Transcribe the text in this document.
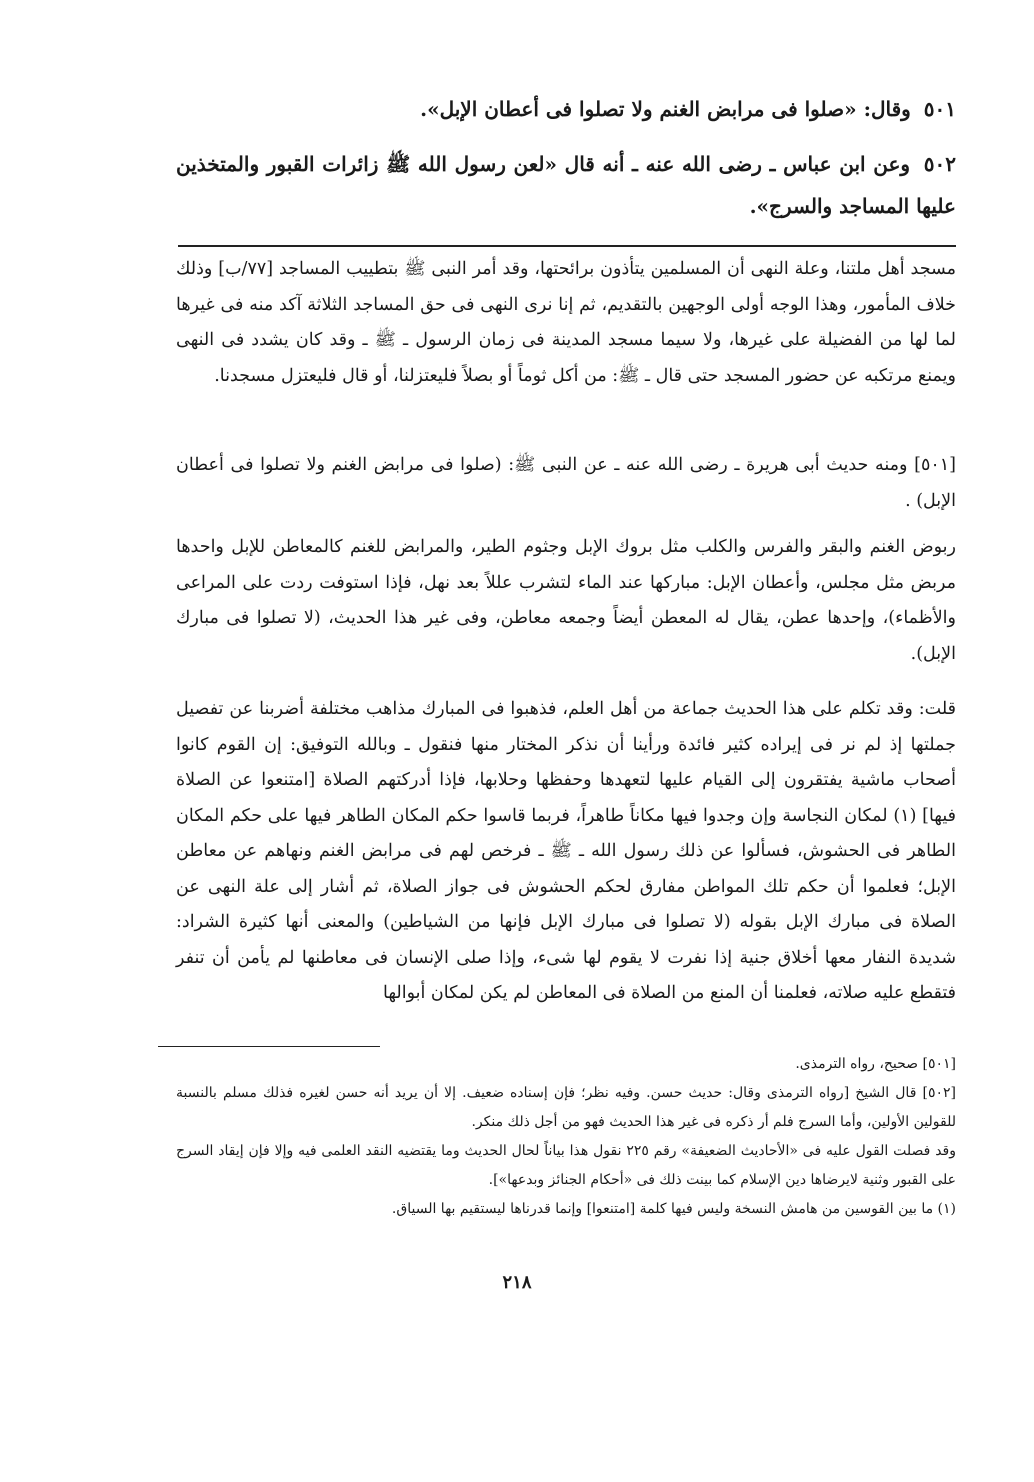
٥٠١ وقال: «صلوا فى مرابض الغنم ولا تصلوا فى أعطان الإبل».

٥٠٢ وعن ابن عباس ـ رضى الله عنه ـ أنه قال «لعن رسول الله ﷺ زائرات القبور والمتخذين عليها المساجد والسرج».

مسجد أهل ملتنا، وعلة النهى أن المسلمين يتأذون برائحتها، وقد أمر النبى ﷺ بتطييب المساجد [٧٧/ب] وذلك خلاف المأمور، وهذا الوجه أولى الوجهين بالتقديم، ثم إنا نرى النهى فى حق المساجد الثلاثة آكد منه فى غيرها لما لها من الفضيلة على غيرها، ولا سيما مسجد المدينة فى زمان الرسول ـ ﷺ ـ وقد كان يشدد فى النهى ويمنع مرتكبه عن حضور المسجد حتى قال ـ ﷺ: من أكل ثوماً أو بصلاً فليعتزلنا، أو قال فليعتزل مسجدنا.

[٥٠١] ومنه حديث أبى هريرة ـ رضى الله عنه ـ عن النبى ﷺ: (صلوا فى مرابض الغنم ولا تصلوا فى أعطان الإبل) .

ربوض الغنم والبقر والفرس والكلب مثل بروك الإبل وجثوم الطير، والمرابض للغنم كالمعاطن للإبل واحدها مربض مثل مجلس، وأعطان الإبل: مباركها عند الماء لتشرب عللاً بعد نهل، فإذا استوفت ردت على المراعى والأظماء)، وإحدها عطن، يقال له المعطن أيضاً وجمعه معاطن، وفى غير هذا الحديث، (لا تصلوا فى مبارك الإبل).

قلت: وقد تكلم على هذا الحديث جماعة من أهل العلم، فذهبوا فى المبارك مذاهب مختلفة أضربنا عن تفصيل جملتها إذ لم نر فى إيراده كثير فائدة ورأينا أن نذكر المختار منها فنقول ـ وبالله التوفيق: إن القوم كانوا أصحاب ماشية يفتقرون إلى القيام عليها لتعهدها وحفظها وحلابها، فإذا أدركتهم الصلاة [امتنعوا عن الصلاة فيها] (١) لمكان النجاسة وإن وجدوا فيها مكاناً طاهراً، فربما قاسوا حكم المكان الطاهر فيها على حكم المكان الطاهر فى الحشوش، فسألوا عن ذلك رسول الله ـ ﷺ ـ فرخص لهم فى مرابض الغنم ونهاهم عن معاطن الإبل؛ فعلموا أن حكم تلك المواطن مفارق لحكم الحشوش فى جواز الصلاة، ثم أشار إلى علة النهى عن الصلاة فى مبارك الإبل بقوله (لا تصلوا فى مبارك الإبل فإنها من الشياطين) والمعنى أنها كثيرة الشراد: شديدة النفار معها أخلاق جنية إذا نفرت لا يقوم لها شىء، وإذا صلى الإنسان فى معاطنها لم يأمن أن تنفر فتقطع عليه صلاته، فعلمنا أن المنع من الصلاة فى المعاطن لم يكن لمكان أبوالها

[٥٠١] صحيح، رواه الترمذى.
[٥٠٢] قال الشيخ [رواه الترمذى وقال: حديث حسن. وفيه نظر؛ فإن إسناده ضعيف. إلا أن يريد أنه حسن لغيره فذلك مسلم بالنسبة للقولين الأولين، وأما السرج فلم أر ذكره فى غير هذا الحديث فهو من أجل ذلك منكر.
وقد فصلت القول عليه فى «الأحاديث الضعيفة» رقم ٢٢٥ نقول هذا بياناً لحال الحديث وما يقتضيه النقد العلمى فيه وإلا فإن إيقاد السرج على القبور وثنية لايرضاها دين الإسلام كما بينت ذلك فى «أحكام الجنائز وبدعها»].
(١) ما بين القوسين من هامش النسخة وليس فيها كلمة [امتنعوا] وإنما قدرناها ليستقيم بها السياق.
٢١٨
